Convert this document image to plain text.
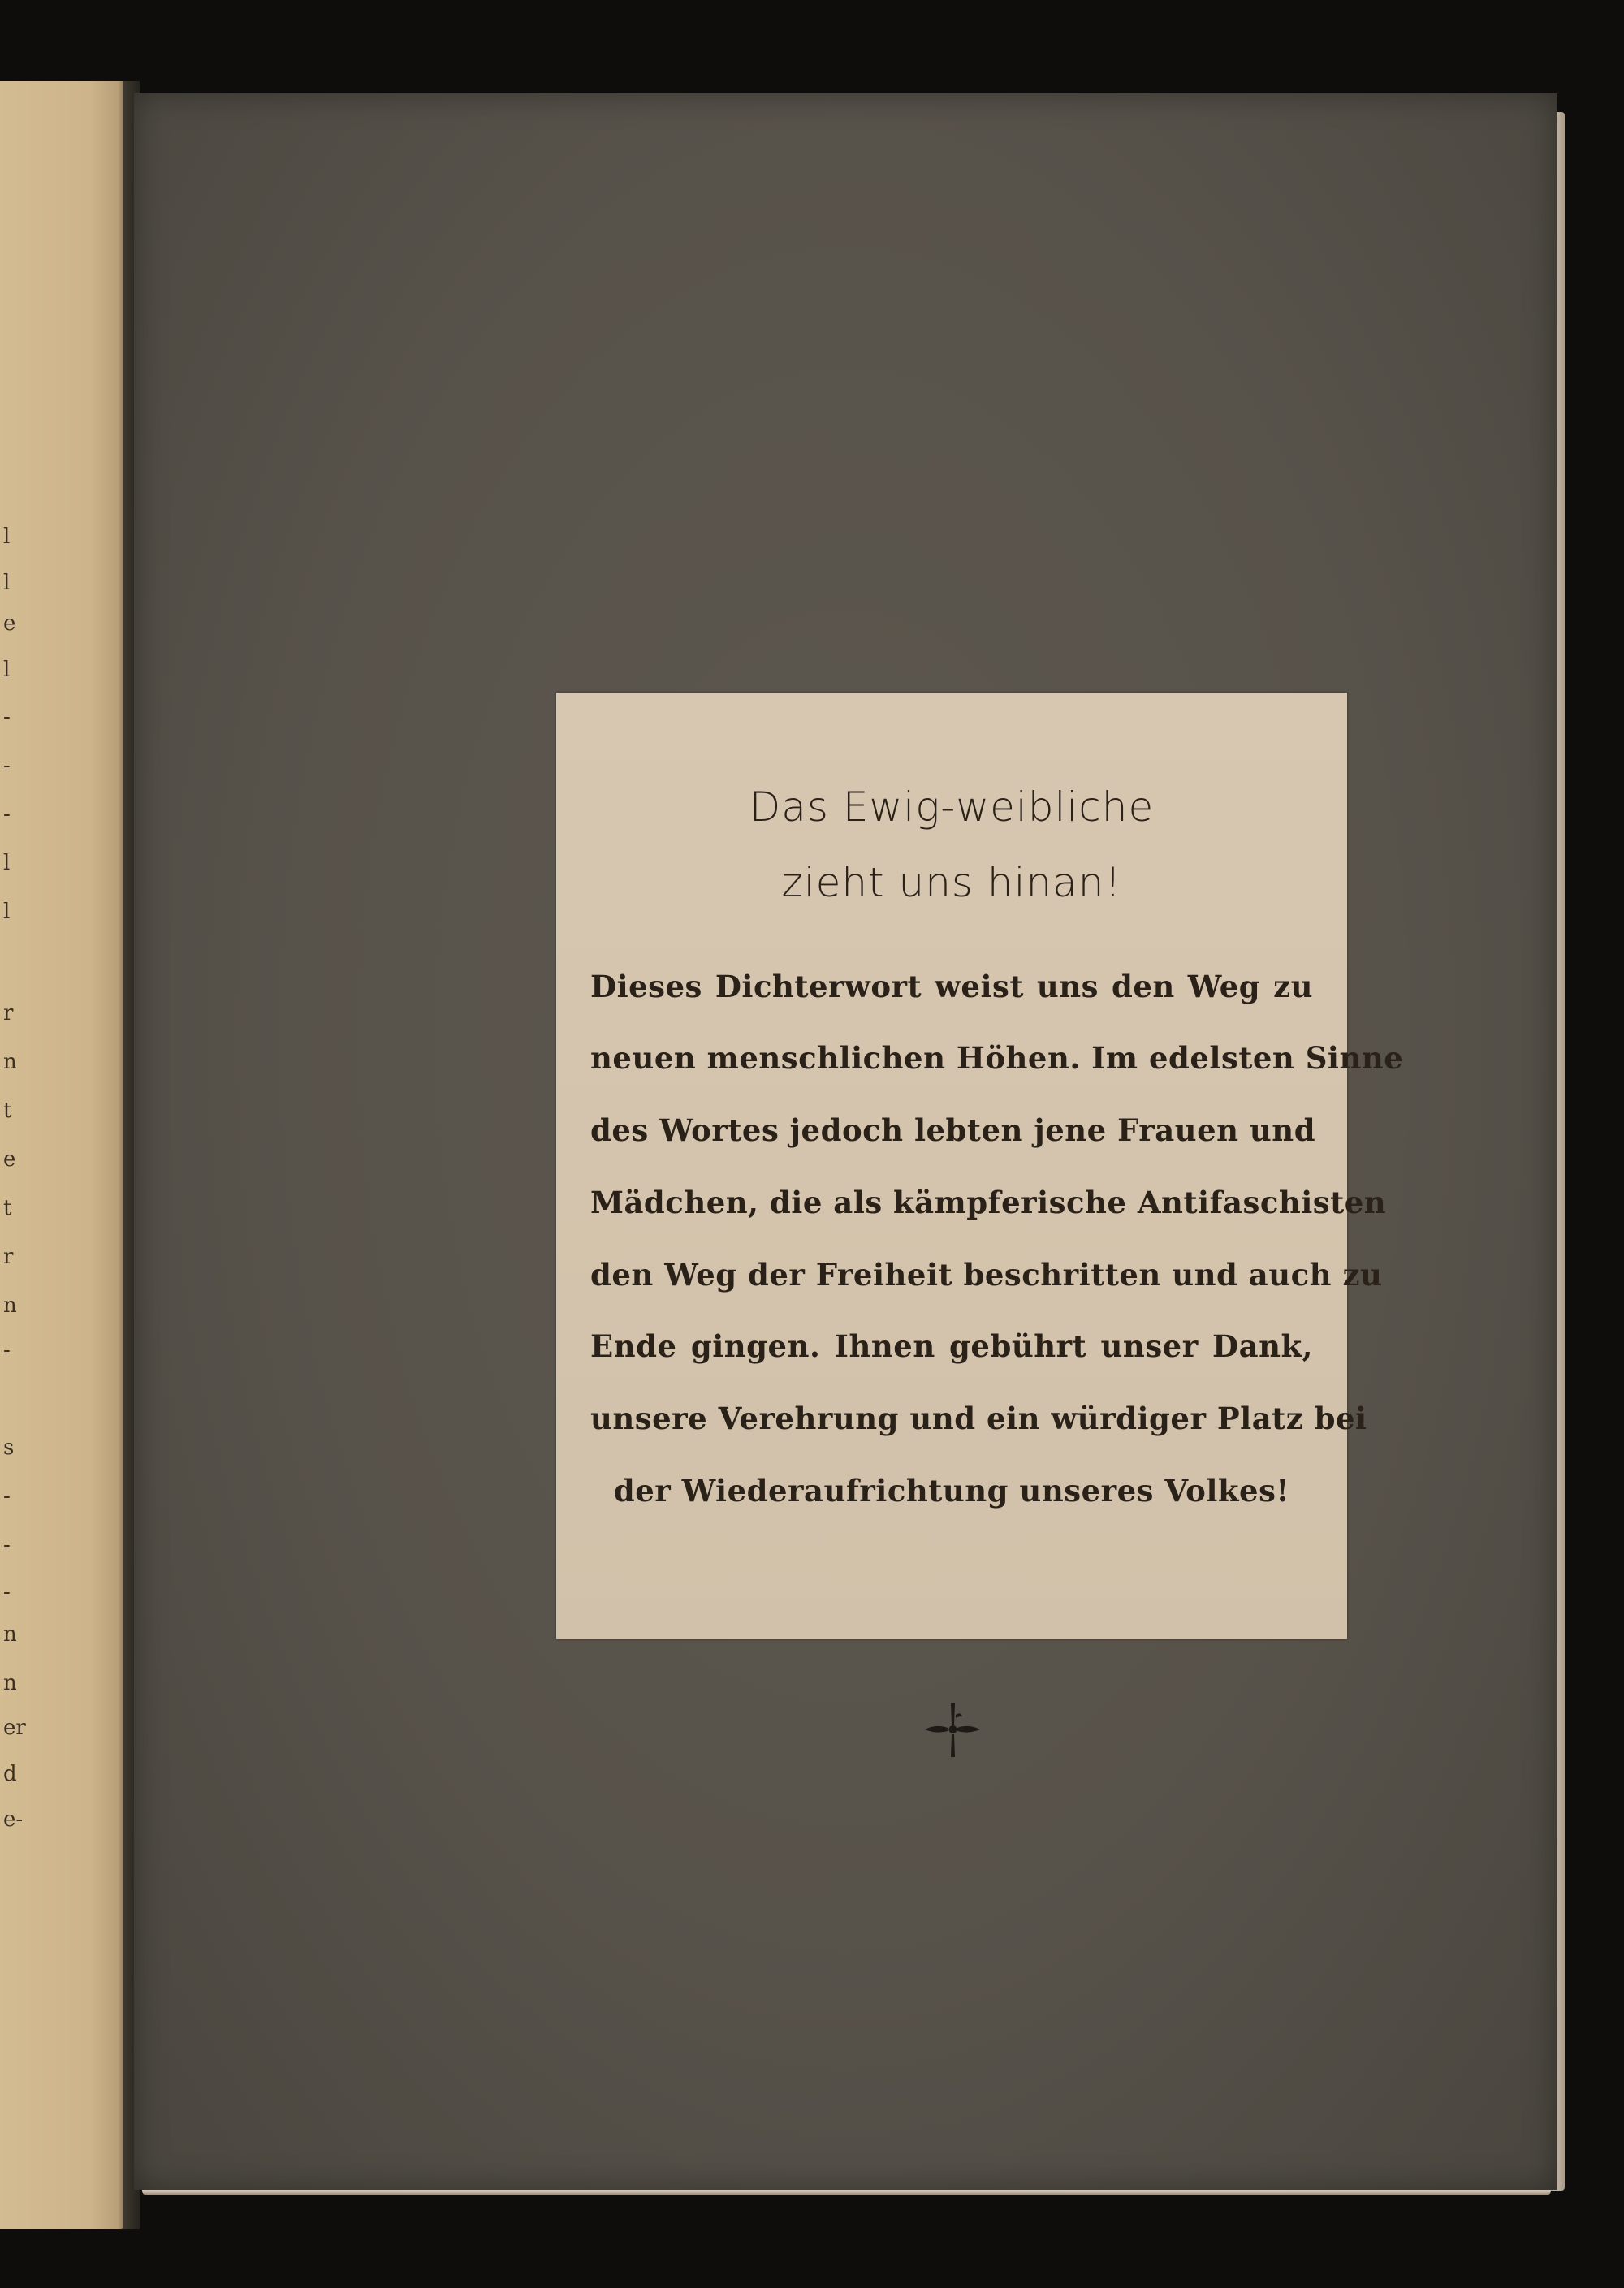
l
l
e
l
-
-
-
l
l
r
n
t
e
t
r
n
-
s
-
-
-
n
n
er
d
e-
Das Ewig-weibliche
zieht uns hinan!
Dieses Dichterwort weist uns den Weg zu
neuen menschlichen Höhen. Im edelsten Sinne
des Wortes jedoch lebten jene Frauen und
Mädchen, die als kämpferische Antifaschisten
den Weg der Freiheit beschritten und auch zu
Ende gingen. Ihnen gebührt unser Dank,
unsere Verehrung und ein würdiger Platz bei
der Wiederaufrichtung unseres Volkes!
